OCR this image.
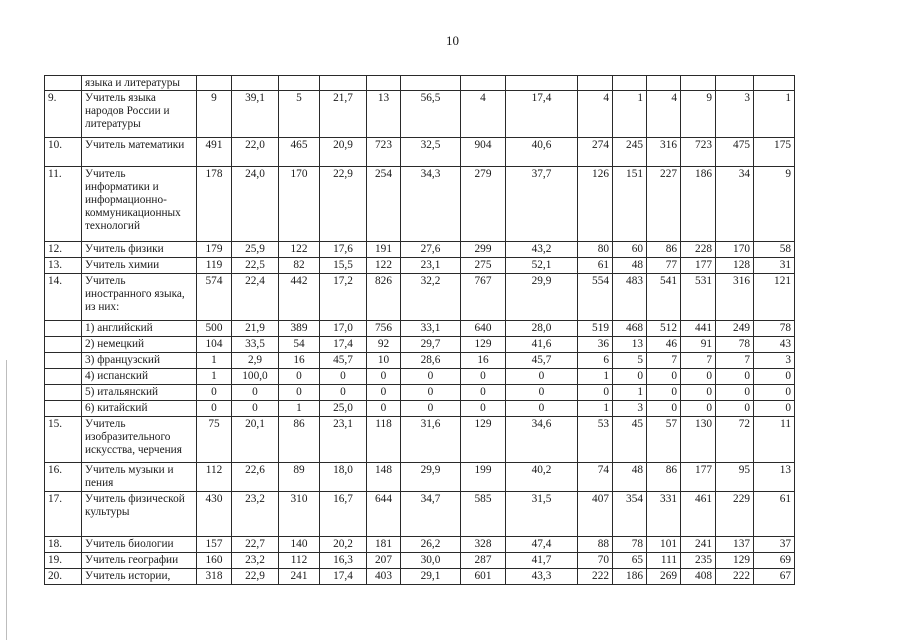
10
	языка и литературы														
9.	Учитель языка народов России и литературы	9	39,1	5	21,7	13	56,5	4	17,4	4	1	4	9	3	1
10.	Учитель математики	491	22,0	465	20,9	723	32,5	904	40,6	274	245	316	723	475	175
11.	Учитель информатики и информационно-коммуникационных технологий	178	24,0	170	22,9	254	34,3	279	37,7	126	151	227	186	34	9
12.	Учитель физики	179	25,9	122	17,6	191	27,6	299	43,2	80	60	86	228	170	58
13.	Учитель химии	119	22,5	82	15,5	122	23,1	275	52,1	61	48	77	177	128	31
14.	Учитель иностранного языка, из них:	574	22,4	442	17,2	826	32,2	767	29,9	554	483	541	531	316	121
	1) английский	500	21,9	389	17,0	756	33,1	640	28,0	519	468	512	441	249	78
	2) немецкий	104	33,5	54	17,4	92	29,7	129	41,6	36	13	46	91	78	43
	3) французский	1	2,9	16	45,7	10	28,6	16	45,7	6	5	7	7	7	3
	4) испанский	1	100,0	0	0	0	0	0	0	1	0	0	0	0	0
	5) итальянский	0	0	0	0	0	0	0	0	0	1	0	0	0	0
	6) китайский	0	0	1	25,0	0	0	0	0	1	3	0	0	0	0
15.	Учитель изобразительного искусства, черчения	75	20,1	86	23,1	118	31,6	129	34,6	53	45	57	130	72	11
16.	Учитель музыки и пения	112	22,6	89	18,0	148	29,9	199	40,2	74	48	86	177	95	13
17.	Учитель физической культуры	430	23,2	310	16,7	644	34,7	585	31,5	407	354	331	461	229	61
18.	Учитель биологии	157	22,7	140	20,2	181	26,2	328	47,4	88	78	101	241	137	37
19.	Учитель географии	160	23,2	112	16,3	207	30,0	287	41,7	70	65	111	235	129	69
20.	Учитель истории,	318	22,9	241	17,4	403	29,1	601	43,3	222	186	269	408	222	67
